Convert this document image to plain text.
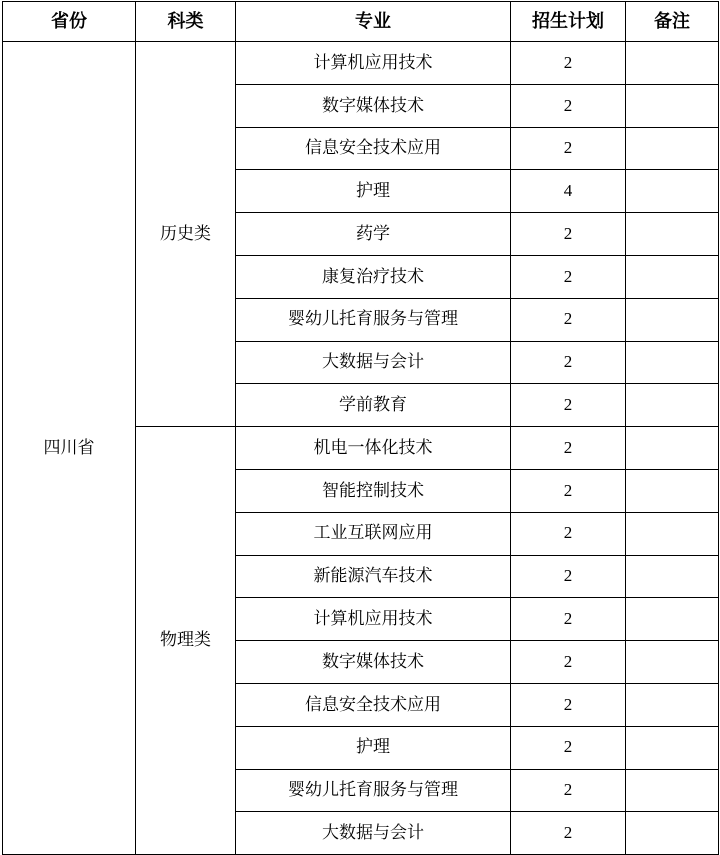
省份	科类	专业	招生计划	备注
四川省	历史类	计算机应用技术	2	
		数字媒体技术	2	
		信息安全技术应用	2	
		护理	4	
		药学	2	
		康复治疗技术	2	
		婴幼儿托育服务与管理	2	
		大数据与会计	2	
		学前教育	2	
	物理类	机电一体化技术	2	
		智能控制技术	2	
		工业互联网应用	2	
		新能源汽车技术	2	
		计算机应用技术	2	
		数字媒体技术	2	
		信息安全技术应用	2	
		护理	2	
		婴幼儿托育服务与管理	2	
		大数据与会计	2	
